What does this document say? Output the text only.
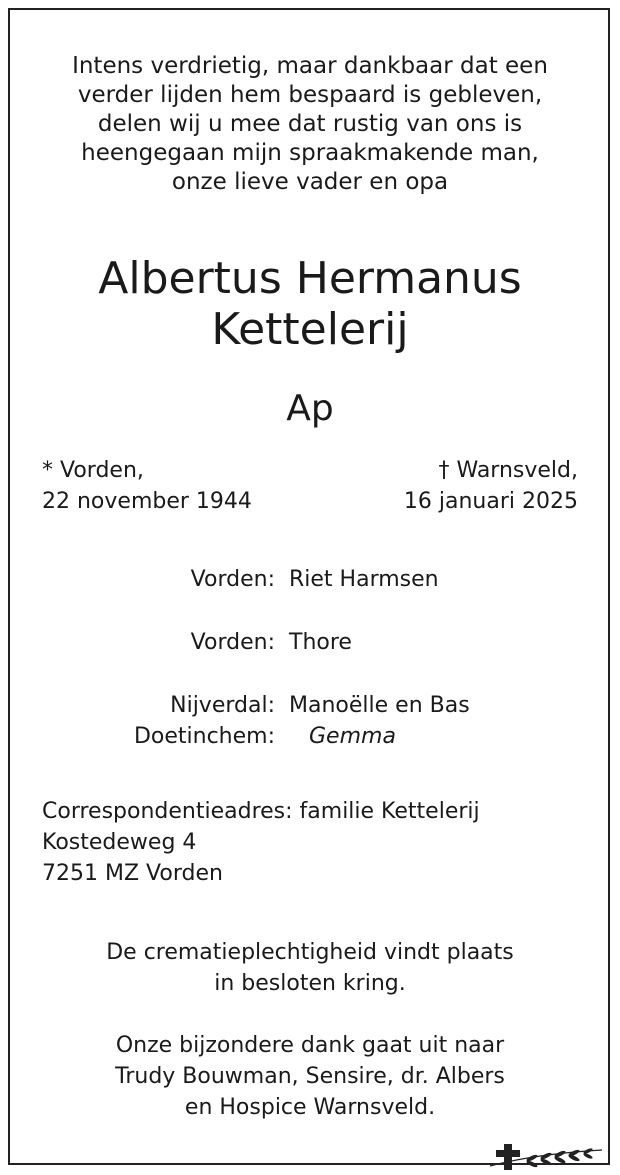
Intens verdrietig, maar dankbaar dat een
verder lijden hem bespaard is gebleven,
delen wij u mee dat rustig van ons is
heengegaan mijn spraakmakende man,
onze lieve vader en opa
Albertus Hermanus
Kettelerij
Ap
* Vorden,
22 november 1944
† Warnsveld,
16 januari 2025
Vorden: Riet Harmsen
Vorden: Thore
Nijverdal: Manoëlle en Bas
Doetinchem:	Gemma
Correspondentieadres: familie Kettelerij
Kostedeweg 4
7251 MZ Vorden
De crematieplechtigheid vindt plaats
in besloten kring.
Onze bijzondere dank gaat uit naar
Trudy Bouwman, Sensire, dr. Albers
en Hospice Warnsveld.
